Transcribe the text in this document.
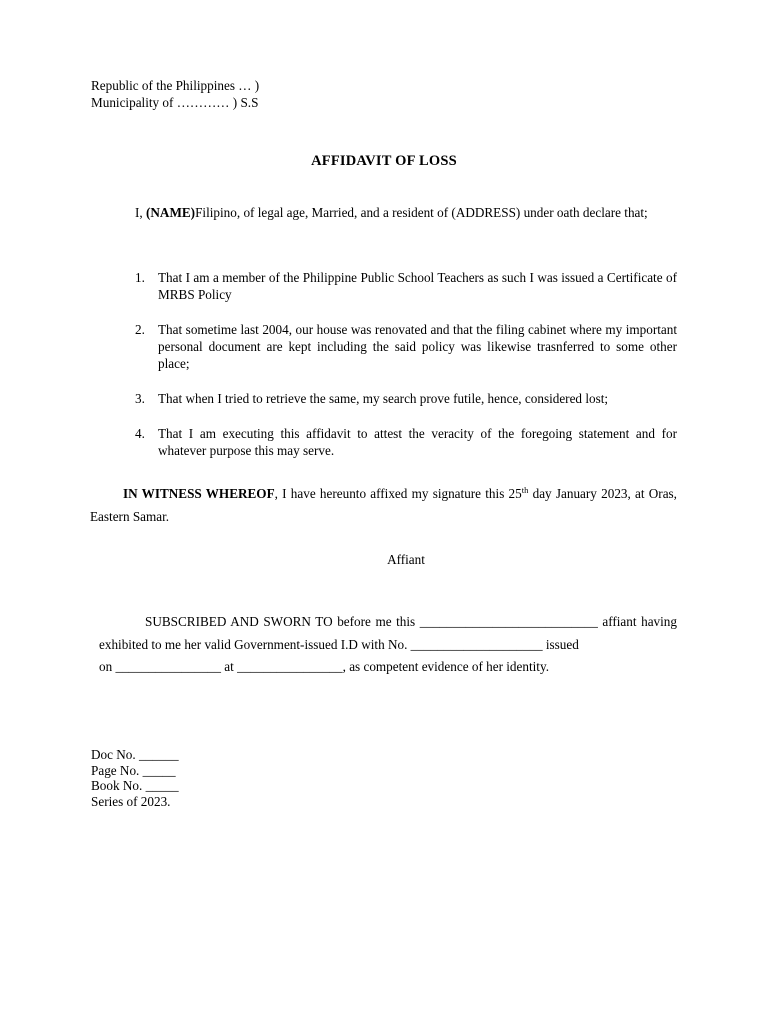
Republic of the Philippines … )
Municipality of ………… ) S.S
AFFIDAVIT OF LOSS
I, (NAME)Filipino, of legal age, Married, and a resident of (ADDRESS) under oath declare that;
1. That I am a member of the Philippine Public School Teachers as such I was issued a Certificate of MRBS Policy
2. That sometime last 2004, our house was renovated and that the filing cabinet where my important personal document are kept including the said policy was likewise trasnferred to some other place;
3. That when I tried to retrieve the same, my search prove futile, hence, considered lost;
4. That I am executing this affidavit to attest the veracity of the foregoing statement and for whatever purpose this may serve.
IN WITNESS WHEREOF, I have hereunto affixed my signature this 25th day January 2023, at Oras, Eastern Samar.
Affiant
SUBSCRIBED AND SWORN TO before me this ___________________________ affiant having exhibited to me her valid Government-issued I.D with No. ____________________ issued
on ________________ at ________________, as competent evidence of her identity.
Doc No. ______
Page No. _____
Book No. _____
Series of 2023.
